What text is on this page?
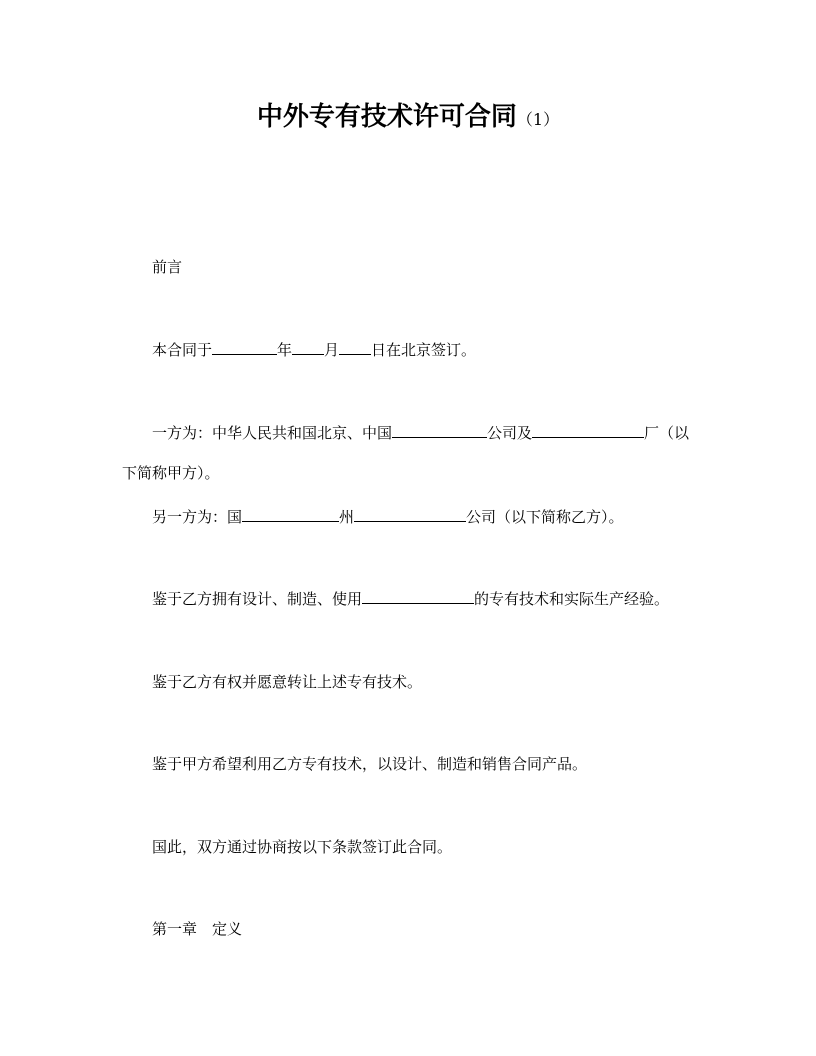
中外专有技术许可合同（1）
前言
本合同于	年 月 日在北京签订。
一方为：中华人民共和国北京、中国	公司及	厂（以
下简称甲方）。
另一方为：国	州	公司（以下简称乙方）。
鉴于乙方拥有设计、制造、使用	的专有技术和实际生产经验。
鉴于乙方有权并愿意转让上述专有技术。
鉴于甲方希望利用乙方专有技术，以设计、制造和销售合同产品。
国此，双方通过协商按以下条款签订此合同。
第一章　定义
